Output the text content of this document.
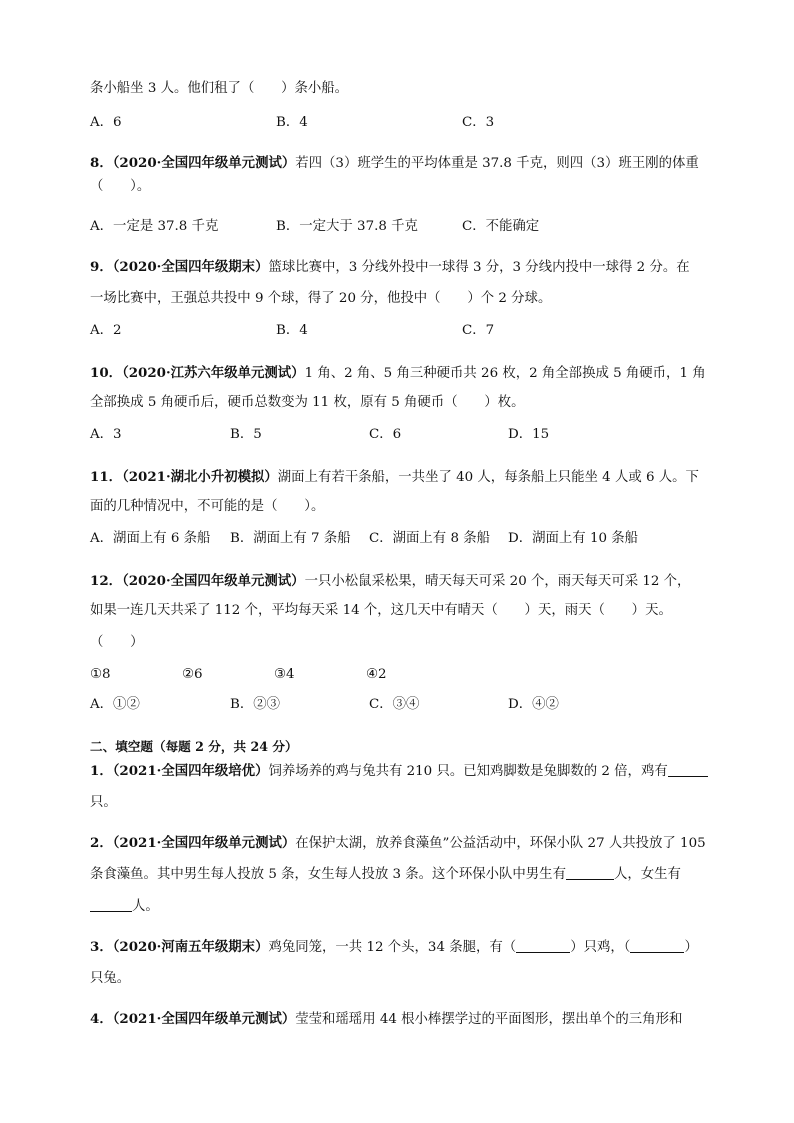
条小船坐 3 人。他们租了（　　）条小船。
A．6	B．4	C．3
8．（2020·全国四年级单元测试）若四（3）班学生的平均体重是 37.8 千克，则四（3）班王刚的体重
（　　）。
A．一定是 37.8 千克	B．一定大于 37.8 千克	C．不能确定
9．（2020·全国四年级期末）篮球比赛中，3 分线外投中一球得 3 分，3 分线内投中一球得 2 分。在
一场比赛中，王强总共投中 9 个球，得了 20 分，他投中（　　）个 2 分球。
A．2	B．4	C．7
10．（2020·江苏六年级单元测试）1 角、2 角、5 角三种硬币共 26 枚，2 角全部换成 5 角硬币，1 角
全部换成 5 角硬币后，硬币总数变为 11 枚，原有 5 角硬币（　　）枚。
A．3	B．5	C．6	D．15
11．（2021·湖北小升初模拟）湖面上有若干条船，一共坐了 40 人，每条船上只能坐 4 人或 6 人。下
面的几种情况中，不可能的是（　　）。
A．湖面上有 6 条船 B．湖面上有 7 条船 C．湖面上有 8 条船 D．湖面上有 10 条船
12．（2020·全国四年级单元测试）一只小松鼠采松果，晴天每天可采 20 个，雨天每天可采 12 个，
如果一连几天共采了 112 个，平均每天采 14 个，这几天中有晴天（　　）天，雨天（　　）天。
（　　）
①8	②6	③4	④2
A．①②	B．②③	C．③④	D．④②
二、填空题（每题 2 分，共 24 分）
1．（2021·全国四年级培优）饲养场养的鸡与兔共有 210 只。已知鸡脚数是兔脚数的 2 倍，鸡有
只。
2．（2021·全国四年级单元测试）在保护太湖，放养食藻鱼”公益活动中，环保小队 27 人共投放了 105
条食藻鱼。其中男生每人投放 5 条，女生每人投放 3 条。这个环保小队中男生有	人，女生有
人。
3．（2020·河南五年级期末）鸡兔同笼，一共 12 个头，34 条腿，有（	）只鸡，（	）
只兔。
4．（2021·全国四年级单元测试）莹莹和瑶瑶用 44 根小棒摆学过的平面图形，摆出单个的三角形和
